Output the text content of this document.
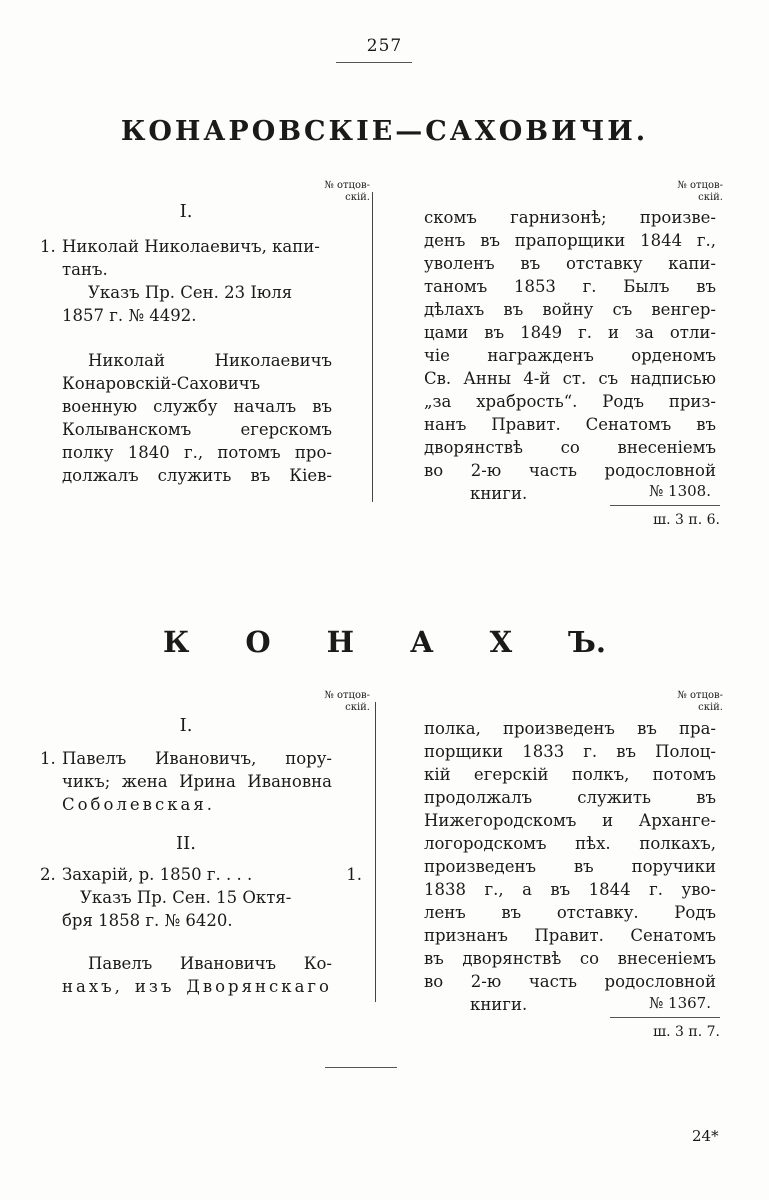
257
КОНАРОВСКІЕ—САХОВИЧИ.
№ отцов-
скій.
№ отцов-
скій.
I.
1. Николай Николаевичъ, капи-
танъ.
Указъ Пр. Сен. 23 Іюля
1857 г. № 4492.
Николай Николаевичъ
Конаровскій-Саховичъ
военную службу началъ въ
Колыванскомъ егерскомъ
полку 1840 г., потомъ про-
должалъ служить въ Кіев-
скомъ гарнизонѣ; произве-
денъ въ прапорщики 1844 г.,
уволенъ въ отставку капи-
таномъ 1853 г. Былъ въ
дѣлахъ въ войну съ венгер-
цами въ 1849 г. и за отли-
чіе награжденъ орденомъ
Св. Анны 4-й ст. съ надписью
„за храбрость“. Родъ приз-
нанъ Правит. Сенатомъ въ
дворянствѣ со внесеніемъ
во 2-ю часть родословной
книги.	№ 1308.
ш. 3 п. 6.
К О Н А Х Ъ.
№ отцов-
скій.
№ отцов-
скій.
I.
1. Павелъ Ивановичъ, пору-
чикъ; жена Ирина Ивановна
Соболевская.
II.
2. Захарій, р. 1850 г. . . .	1.
Указъ Пр. Сен. 15 Октя-
бря 1858 г. № 6420.
Павелъ Ивановичъ Ко-
нахъ, изъ Дворянскаго
полка, произведенъ въ пра-
порщики 1833 г. въ Полоц-
кій егерскій полкъ, потомъ
продолжалъ служить въ
Нижегородскомъ и Арханге-
логородскомъ пѣх. полкахъ,
произведенъ въ поручики
1838 г., а въ 1844 г. уво-
ленъ въ отставку. Родъ
признанъ Правит. Сенатомъ
въ дворянствѣ со внесеніемъ
во 2-ю часть родословной
книги.	№ 1367.
ш. 3 п. 7.
24*
